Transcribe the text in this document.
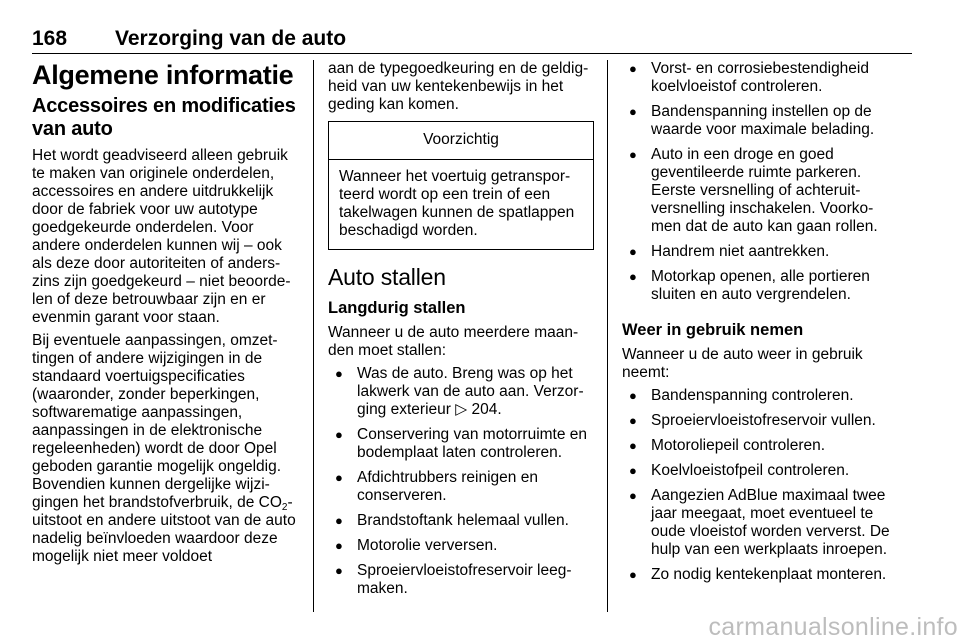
168 Verzorging van de auto
Algemene informatie
Accessoires en modificaties van auto

Het wordt geadviseerd alleen gebruik te maken van originele onderdelen, accessoires en andere uitdrukkelijk door de fabriek voor uw autotype goedgekeurde onderdelen. Voor andere onderdelen kunnen wij – ook als deze door autoriteiten of anderszins zijn goedgekeurd – niet beoordelen of deze betrouwbaar zijn en er evenmin garant voor staan.

Bij eventuele aanpassingen, omzettingen of andere wijzigingen in de standaard voertuigspecificaties (waaronder, zonder beperkingen, softwarematige aanpassingen, aanpassingen in de elektronische regeleenheden) wordt de door Opel geboden garantie mogelijk ongeldig. Bovendien kunnen dergelijke wijzigingen het brandstofverbruik, de $CO_2$-uitstoot en andere uitstoot van de auto nadelig beïnvloeden waardoor deze mogelijk niet meer voldoet

aan de typegoedkeuring en de geldigheid van uw kentekenbewijs in het geding kan komen.

Voorzichtig
Wanneer het voertuig getransporteerd wordt op een trein of een takelwagen kunnen de spatlappen beschadigd worden.
Auto stallen
Langdurig stallen

Wanneer u de auto meerdere maanden moet stallen:

● Was de auto. Breng was op het lakwerk van de auto aan. Verzorging exterieur ▷ 204.
● Conservering van motorruimte en bodemplaat laten controleren.
● Afdichtrubbers reinigen en conserveren.
● Brandstoftank helemaal vullen.
● Motorolie verversen.
● Sproeiervloeistofreservoir leegmaken.
● Vorst- en corrosiebestendigheid koelvloeistof controleren.
● Bandenspanning instellen op de waarde voor maximale belading.
● Auto in een droge en goed geventileerde ruimte parkeren. Eerste versnelling of achteruitversnelling inschakelen. Voorkomen dat de auto kan gaan rollen.
● Handrem niet aantrekken.
● Motorkap openen, alle portieren sluiten en auto vergrendelen.
Weer in gebruik nemen

Wanneer u de auto weer in gebruik neemt:

● Bandenspanning controleren.
● Sproeiervloeistofreservoir vullen.
● Motoroliepeil controleren.
● Koelvloeistofpeil controleren.
● Aangezien AdBlue maximaal twee jaar meegaat, moet eventueel te oude vloeistof worden ververst. De hulp van een werkplaats inroepen.
● Zo nodig kentekenplaat monteren.
carmanualsonline.info
